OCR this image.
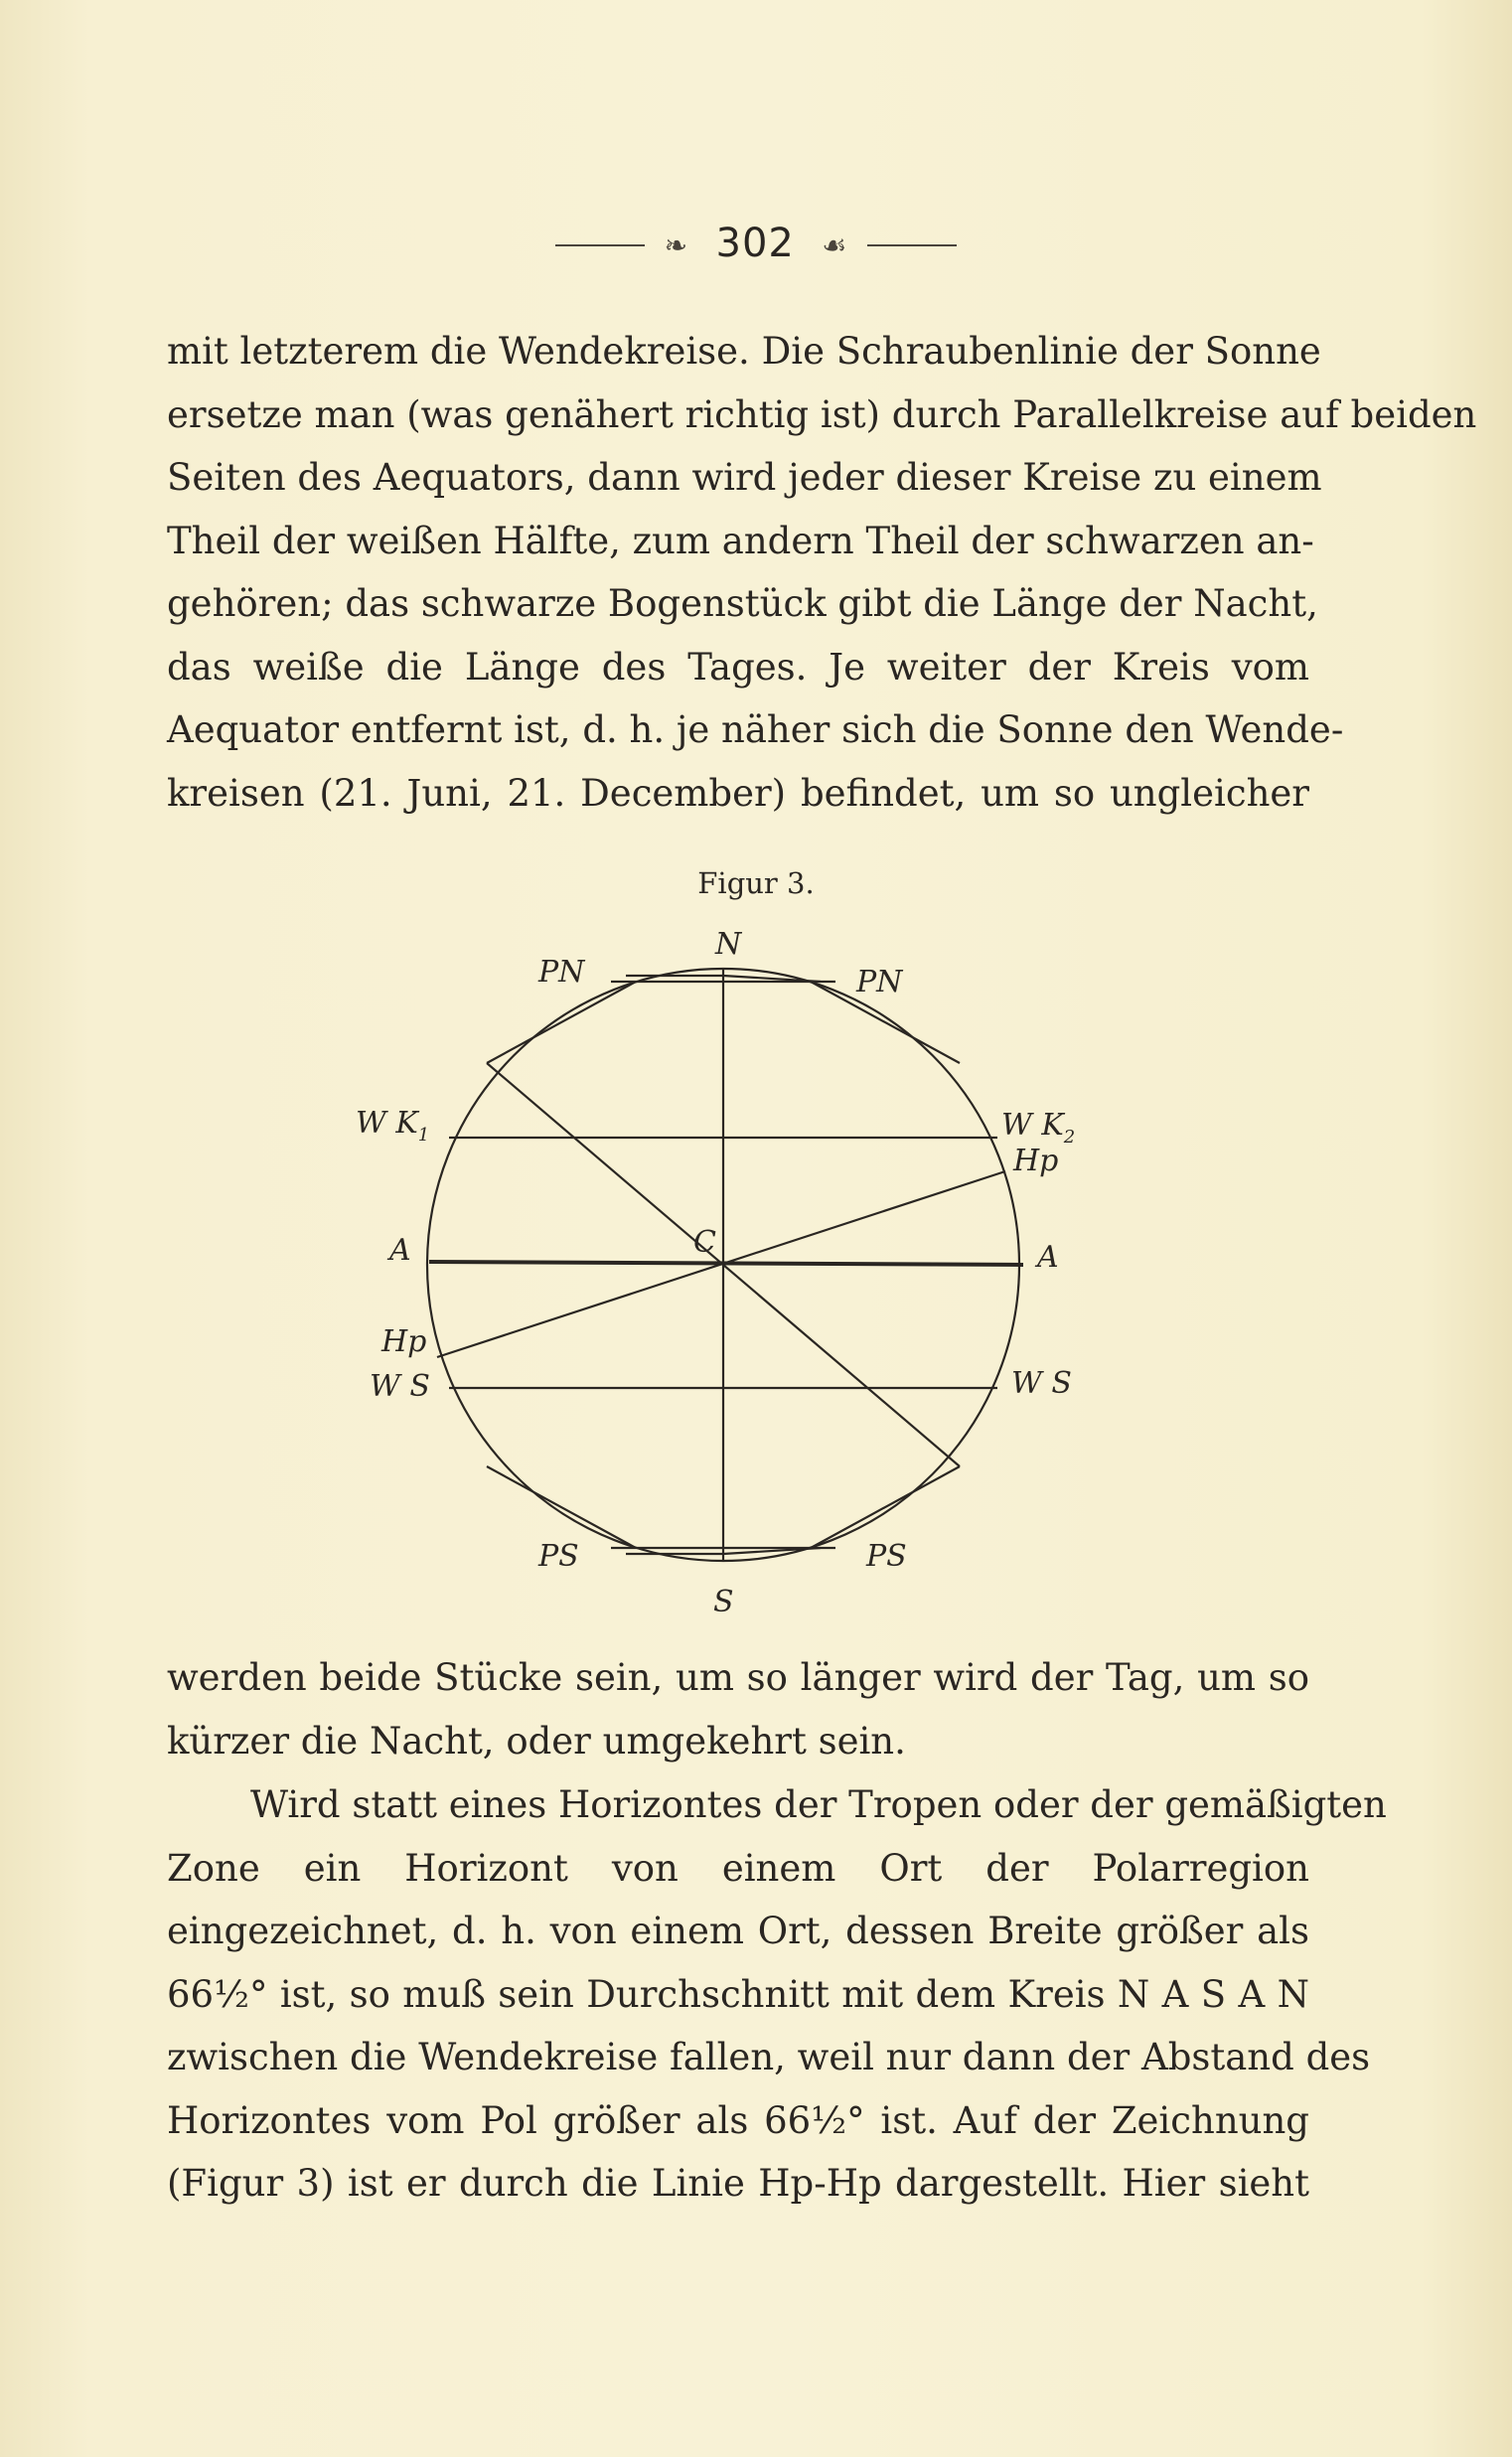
❧ 302 ☙
mit letzterem die Wendekreise. Die Schraubenlinie der Sonne
ersetze man (was genähert richtig ist) durch Parallelkreise auf beiden
Seiten des Aequators, dann wird jeder dieser Kreise zu einem
Theil der weißen Hälfte, zum andern Theil der schwarzen an-
gehören; das schwarze Bogenstück gibt die Länge der Nacht,
das weiße die Länge des Tages. Je weiter der Kreis vom
Aequator entfernt ist, d. h. je näher sich die Sonne den Wende-
kreisen (21. Juni, 21. December) befindet, um so ungleicher
Figur 3.
N
S
PN	PN
W $K_1$	W $K_2$
Hp
Hp
A	A
C
W S	W S
PS	PS
werden beide Stücke sein, um so länger wird der Tag, um so
kürzer die Nacht, oder umgekehrt sein.
Wird statt eines Horizontes der Tropen oder der gemäßigten
Zone ein Horizont von einem Ort der Polarregion
eingezeichnet, d. h. von einem Ort, dessen Breite größer als
66½° ist, so muß sein Durchschnitt mit dem Kreis N A S A N
zwischen die Wendekreise fallen, weil nur dann der Abstand des
Horizontes vom Pol größer als 66½° ist. Auf der Zeichnung
(Figur 3) ist er durch die Linie Hp-Hp dargestellt. Hier sieht
